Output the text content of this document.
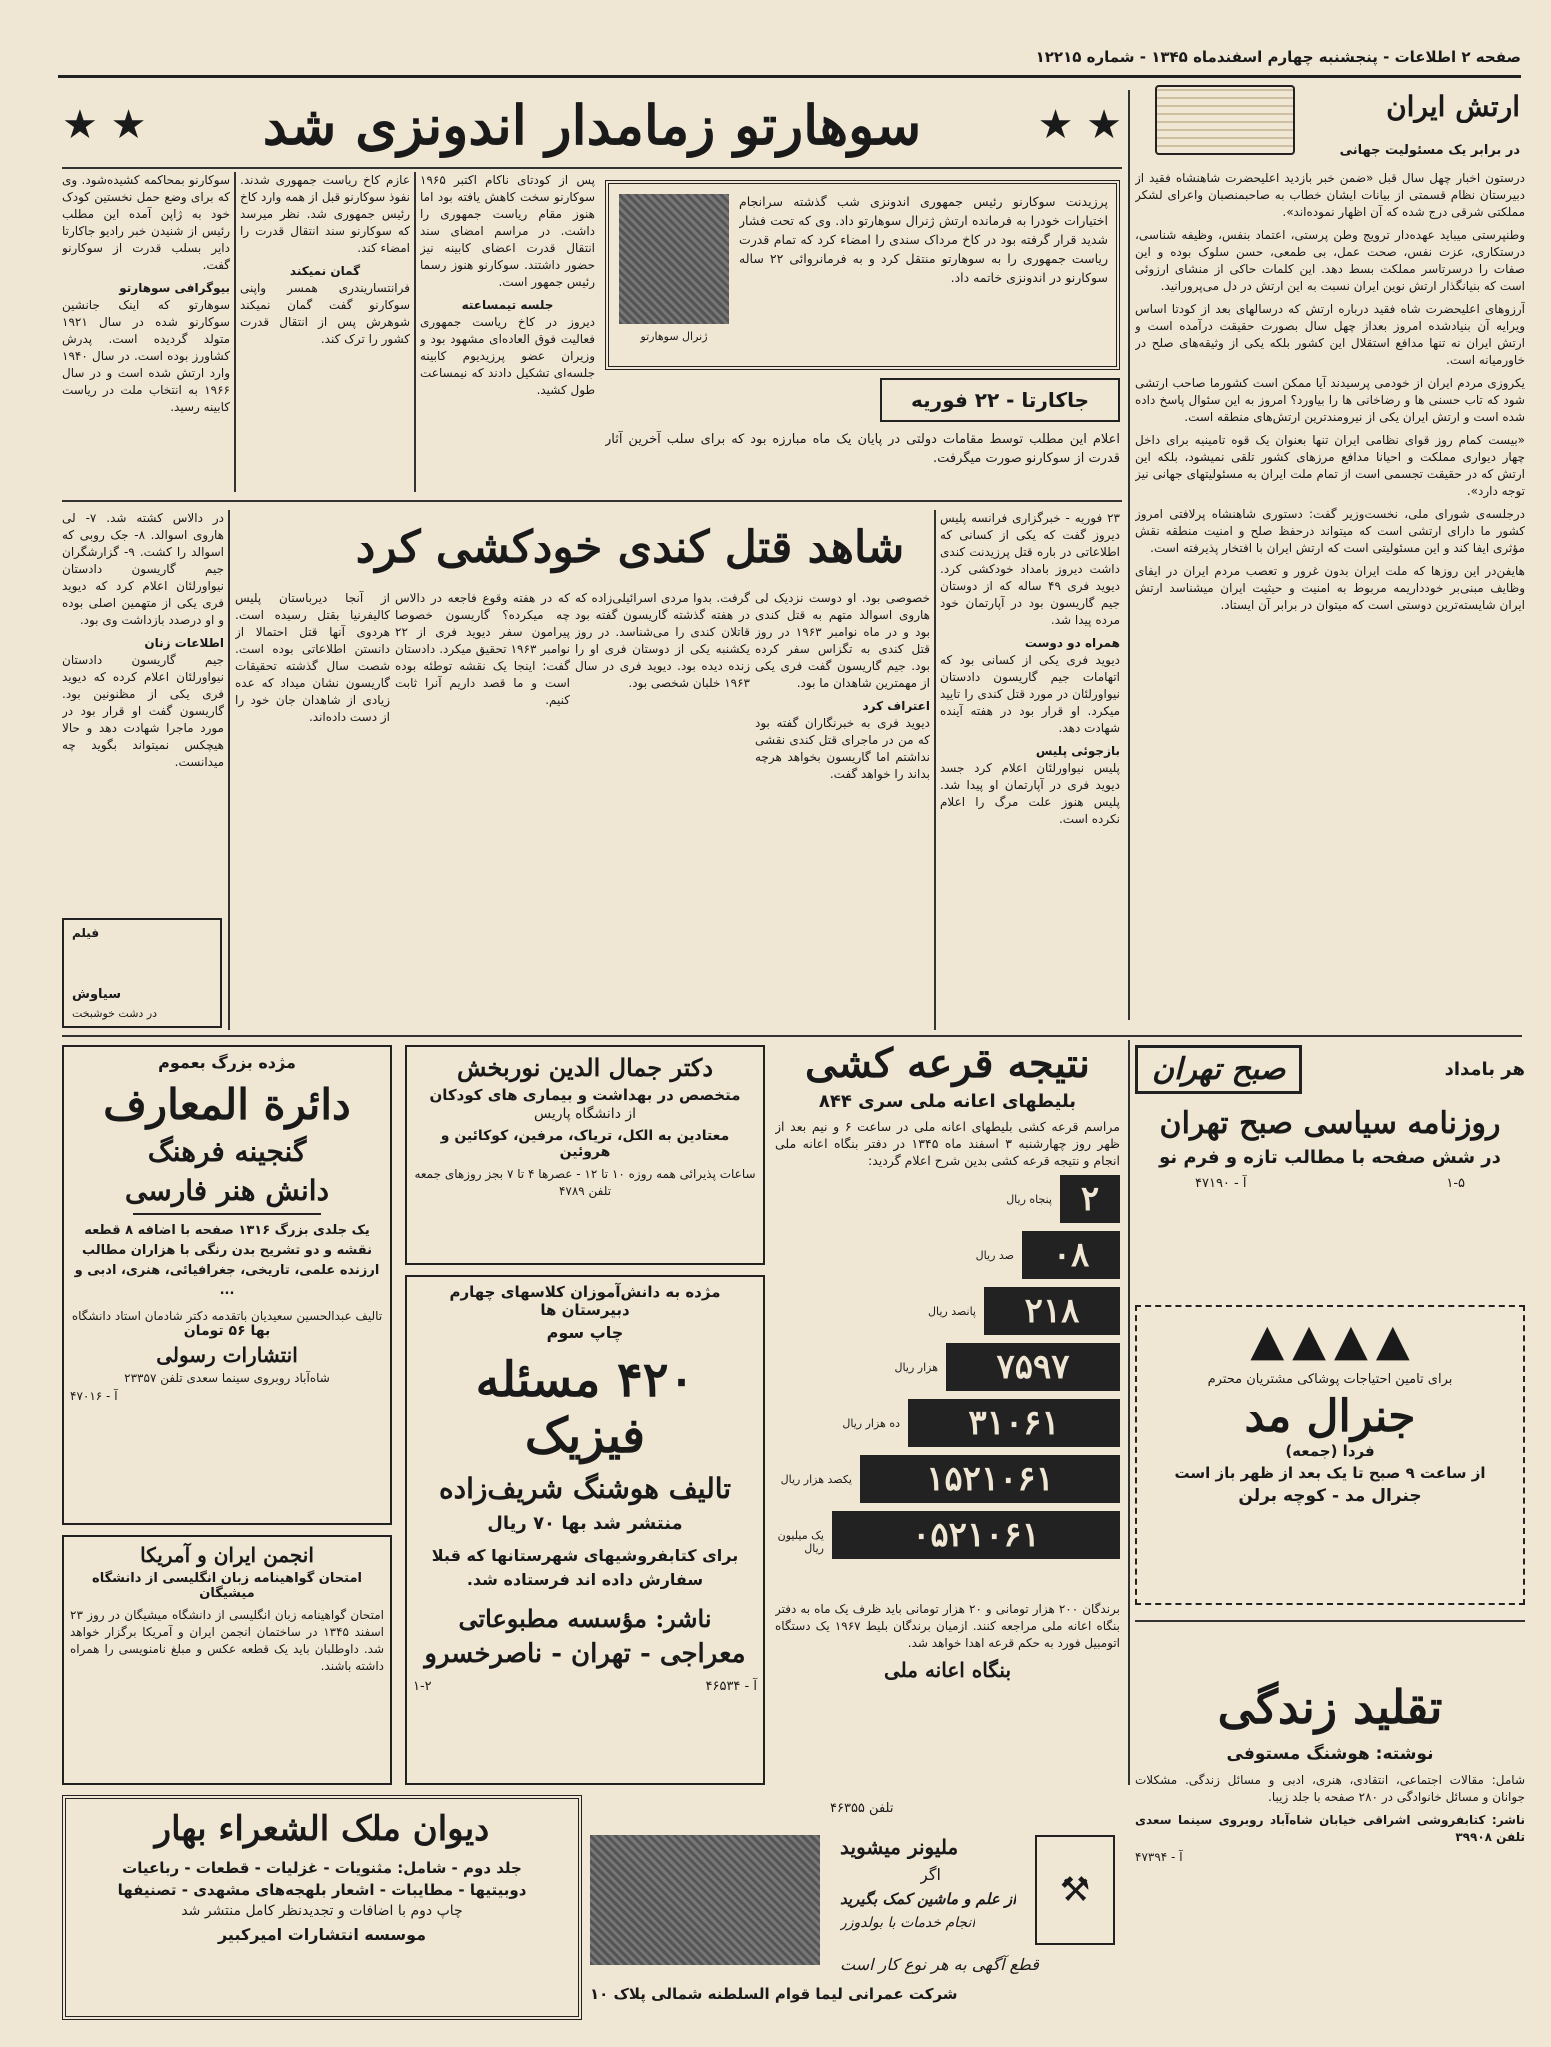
صفحه ۲ اطلاعات - پنجشنبه چهارم اسفندماه ۱۳۴۵ - شماره ۱۲۲۱۵
★ ★
سوهارتو زمامدار اندونزی شد
★ ★
سوکارنو بمحاکمه کشیده‌شود. وی که برای وضع حمل نخستین کودک خود به ژاپن آمده این مطلب رئیس از شنیدن خبر رادیو جاکارتا دایر بسلب قدرت از سوکارنو گفت.
بیوگرافی سوهارتو
سوهارتو که اینک جانشین سوکارنو شده در سال ۱۹۲۱ متولد گردیده است. پدرش کشاورز بوده است. در سال ۱۹۴۰ وارد ارتش شده است و در سال ۱۹۶۶ به انتخاب ملت در ریاست کابینه رسید.
عازم کاخ ریاست جمهوری شدند. نفوذ سوکارنو قبل از همه وارد کاخ رئیس جمهوری شد. نظر میرسد که سوکارنو سند انتقال قدرت را امضاء کند.
گمان نمیکند
فرانتساریندری همسر واپنی سوکارنو گفت گمان نمیکند شوهرش پس از انتقال قدرت کشور را ترک کند.
پس از کودتای ناکام اکتبر ۱۹۶۵ سوکارنو سخت کاهش یافته بود اما هنوز مقام ریاست جمهوری را داشت. در مراسم امضای سند انتقال قدرت اعضای کابینه نیز حضور داشتند. سوکارنو هنوز رسما رئیس جمهور است.
جلسه تیمساعته
دیروز در کاخ ریاست جمهوری فعالیت فوق العاده‌ای مشهود بود و وزیران عضو پرزیدیوم کابینه جلسه‌ای تشکیل دادند که نیمساعت طول کشید.
ژنرال سوهارتو
پرزیدنت سوکارنو رئیس جمهوری اندونزی شب گذشته سرانجام اختیارات خودرا به فرمانده ارتش ژنرال سوهارتو داد. وی که تحت فشار شدید قرار گرفته بود در کاخ مرداک سندی را امضاء کرد که تمام قدرت ریاست جمهوری را به سوهارتو منتقل کرد و به فرمانروائی ۲۲ ساله سوکارنو در اندونزی خاتمه داد.
جاکارتا - ۲۲ فوریه
اعلام این مطلب توسط مقامات دولتی در پایان یک ماه مبارزه بود که برای سلب آخرین آثار قدرت از سوکارنو صورت میگرفت.
ارتش ایران
در برابر یک مسئولیت جهانی

درستون اخبار چهل سال قبل «ضمن خبر بازدید اعلیحضرت شاهنشاه فقید از دبیرستان نظام قسمتی از بیانات ایشان خطاب به صاحبمنصبان واعرای لشکر مملکتی شرقی درج شده که آن اظهار نموده‌اند».

وطنپرستی میباید عهده‌دار ترویج وطن پرستی، اعتماد بنفس، وظیفه شناسی، درستکاری، عزت نفس، صحت عمل، بی طمعی، حسن سلوک بوده و این صفات را درسرتاسر مملکت بسط دهد. این کلمات حاکی از منشای ارزوئی است که بنیانگذار ارتش نوین ایران نسبت به این ارتش در دل می‌پرورانید.

آرزوهای اعلیحضرت شاه فقید درباره ارتش که درسالهای بعد از کودتا اساس ویرایه آن بنیادشده امروز بعداز چهل سال بصورت حقیقت درآمده است و ارتش ایران نه تنها مدافع استقلال این کشور بلکه یکی از وثیقه‌های صلح در خاورمیانه است.

یکروزی مردم ایران از خودمی پرسیدند آیا ممکن است کشورما صاحب ارتشی شود که تاب حسنی ها و رضاخانی ها را بیاورد؟ امروز به این سئوال پاسخ داده شده است و ارتش ایران یکی از نیرومندترین ارتش‌های منطقه است.

«بیست کمام روز قوای نظامی ایران تنها بعنوان یک قوه تامینیه برای داخل چهار دیواری مملکت و احیانا مدافع مرزهای کشور تلقی نمیشود، بلکه این ارتش که در حقیقت تجسمی است از تمام ملت ایران به مسئولیتهای جهانی نیز توجه دارد».

درجلسه‌ی شورای ملی، نخست‌وزیر گفت: دستوری شاهنشاه پرلافتی امروز کشور ما دارای ارتشی است که میتواند درحفظ صلح و امنیت منطقه نقش مؤثری ایفا کند و این مسئولیتی است که ارتش ایران با افتخار پذیرفته است.

هایفن‌در این روزها که ملت ایران بدون غرور و تعصب مردم ایران در ایفای وظایف مبنی‌بر خودداریمه مربوط به امنیت و حیثیت ایران میشناسد ارتش ایران شایسته‌ترین دوستی است که میتوان در برابر آن ایستاد.

شاهد قتل کندی خودکشی کرد
۲۳ فوریه - خبرگزاری فرانسه پلیس دیروز گفت که یکی از کسانی که اطلاعاتی در باره قتل پرزیدنت کندی داشت دیروز بامداد خودکشی کرد. دیوید فری ۴۹ ساله که از دوستان جیم گاریسون بود در آپارتمان خود مرده پیدا شد.
همراه دو دوست
دیوید فری یکی از کسانی بود که اتهامات جیم گاریسون دادستان نیواورلئان در مورد قتل کندی را تایید میکرد. او قرار بود در هفته آینده شهادت دهد.
بازجوئی پلیس
پلیس نیواورلئان اعلام کرد جسد دیوید فری در آپارتمان او پیدا شد. پلیس هنوز علت مرگ را اعلام نکرده است.
خصوصی بود. او دوست نزدیک لی هاروی اسوالد متهم به قتل کندی بود و در ماه نوامبر ۱۹۶۳ در روز قتل کندی به تگزاس سفر کرده بود. جیم گاریسون گفت فری یکی از مهمترین شاهدان ما بود.
اعتراف کرد
دیوید فری به خبرنگاران گفته بود که من در ماجرای قتل کندی نقشی نداشتم اما گاریسون بخواهد هرچه بداند را خواهد گفت.
گرفت. بدوا مردی اسرائیلی‌زاده که در هفته گذشته گاریسون گفته بود قاتلان کندی را می‌شناسد. در روز یکشنبه یکی از دوستان فری او را زنده دیده بود. دیوید فری در سال ۱۹۶۳ خلبان شخصی بود.
که در هفته وقوع فاجعه در دالاس چه میکرده؟ گاریسون خصوصا پیرامون سفر دیوید فری از ۲۲ نوامبر ۱۹۶۳ تحقیق میکرد. دادستان گفت: اینجا یک نقشه توطئه بوده است و ما قصد داریم آنرا ثابت کنیم.
از آنجا دیرباستان پلیس کالیفرنیا بقتل رسیده است. هردوی آنها قتل احتمالا از دانستن اطلاعاتی بوده است. شصت سال گذشته تحقیقات گاریسون نشان میداد که عده زیادی از شاهدان جان خود را از دست داده‌اند.
در دالاس کشته شد. ۷- لی هاروی اسوالد. ۸- جک روبی که اسوالد را کشت. ۹- گزارشگران جیم گاریسون دادستان نیواورلئان اعلام کرد که دیوید فری یکی از متهمین اصلی بوده و او درصدد بازداشت وی بود.
اطلاعات زنان
جیم گاریسون دادستان نیواورلئان اعلام کرده که دیوید فری یکی از مظنونین بود. گاریسون گفت او قرار بود در مورد ماجرا شهادت دهد و حالا هیچکس نمیتواند بگوید چه میدانست.
فیلم
سیاوش
در دشت خوشبخت
مژده بزرگ بعموم
دائرة المعارف
گنجینه فرهنگ
دانش هنر فارسی
یک جلدی بزرگ ۱۳۱۶ صفحه با اضافه ۸ قطعه نقشه و دو تشریح بدن رنگی با هزاران مطالب ارزنده علمی، تاریخی، جغرافیائی، هنری، ادبی و ...
تالیف عبدالحسین سعیدیان باتقدمه دکتر شادمان استاد دانشگاه
بها ۵۶ تومان
انتشارات رسولی
شاه‌آباد روبروی سینما سعدی تلفن ۲۳۳۵۷
آ - ۴۷۰۱۶
انجمن ایران و آمریکا
امتحان گواهینامه زبان انگلیسی از دانشگاه میشیگان
امتحان گواهینامه زبان انگلیسی از دانشگاه میشیگان در روز ۲۳ اسفند ۱۳۴۵ در ساختمان انجمن ایران و آمریکا برگزار خواهد شد. داوطلبان باید یک قطعه عکس و مبلغ نامنویسی را همراه داشته باشند.
دکتر جمال الدین نوربخش
متخصص در بهداشت و بیماری های کودکان
از دانشگاه پاریس
معتادین به الکل، تریاک، مرفین، کوکائین و هروئین
ساعات پذیرائی همه روزه ۱۰ تا ۱۲ - عصرها ۴ تا ۷ بجز روزهای جمعه تلفن ۴۷۸۹
مژده به دانش‌آموزان کلاسهای چهارم دبیرستان ها
چاپ سوم
۴۲۰ مسئله فیزیک
تالیف هوشنگ شریف‌زاده
منتشر شد بها ۷۰ ریال
برای کتابفروشیهای شهرستانها که قبلا سفارش داده اند فرستاده شد.
ناشر: مؤسسه مطبوعاتی
معراجی - تهران - ناصرخسرو
آ - ۴۶۵۳۴
۱-۲
نتیجه قرعه کشی
بلیطهای اعانه ملی سری ۸۴۴
مراسم قرعه کشی بلیطهای اعانه ملی در ساعت ۶ و نیم بعد از ظهر روز چهارشنبه ۳ اسفند ماه ۱۳۴۵ در دفتر بنگاه اعانه ملی انجام و نتیجه قرعه کشی بدین شرح اعلام گردید:
۲
پنجاه ریال
۰۸
صد ریال
۲۱۸
پانصد ریال
۷۵۹۷
هزار ریال
۳۱۰۶۱
ده هزار ریال
۱۵۲۱۰۶۱
یکصد هزار ریال
۰۵۲۱۰۶۱
یک میلیون ریال
برندگان ۲۰۰ هزار تومانی و ۲۰ هزار تومانی باید ظرف یک ماه به دفتر بنگاه اعانه ملی مراجعه کنند. ازمیان برندگان بلیط ۱۹۶۷ یک دستگاه اتومبیل فورد به حکم قرعه اهدا خواهد شد.
بنگاه اعانه ملی
هر بامداد
صبح تهران
روزنامه سیاسی صبح تهران
در شش صفحه با مطالب تازه و فرم نو
۱-۵
آ - ۴۷۱۹۰
▲
▲
▲
▲
برای تامین احتیاجات پوشاکی مشتریان محترم
جنرال مد
فردا (جمعه)
از ساعت ۹ صبح تا یک بعد از ظهر باز است
جنرال مد - کوچه برلن
تقلید زندگی
نوشته: هوشنگ مستوفی
شامل: مقالات اجتماعی، انتقادی، هنری، ادبی و مسائل زندگی. مشکلات جوانان و مسائل خانوادگی در ۲۸۰ صفحه با جلد زیبا.
ناشر: کتابفروشی اشراقی خیابان شاه‌آباد روبروی سینما سعدی تلفن ۳۹۹۰۸
آ - ۴۷۳۹۴
دیوان ملک الشعراء بهار
جلد دوم - شامل: مثنویات - غزلیات - قطعات - رباعیات
دوبیتیها - مطایبات - اشعار بلهجه‌های مشهدی - تصنیفها
چاپ دوم با اضافات و تجدیدنظر کامل منتشر شد
موسسه انتشارات امیرکبیر
تلفن ۴۶۳۵۵
ملیونر میشوید
اگر
از علم و ماشین کمک بگیرید
انجام خدمات با بولدوزر
⚒
قطع آگهی به هر نوع کار است
شرکت عمرانی لیما قوام السلطنه شمالی پلاک ۱۰
